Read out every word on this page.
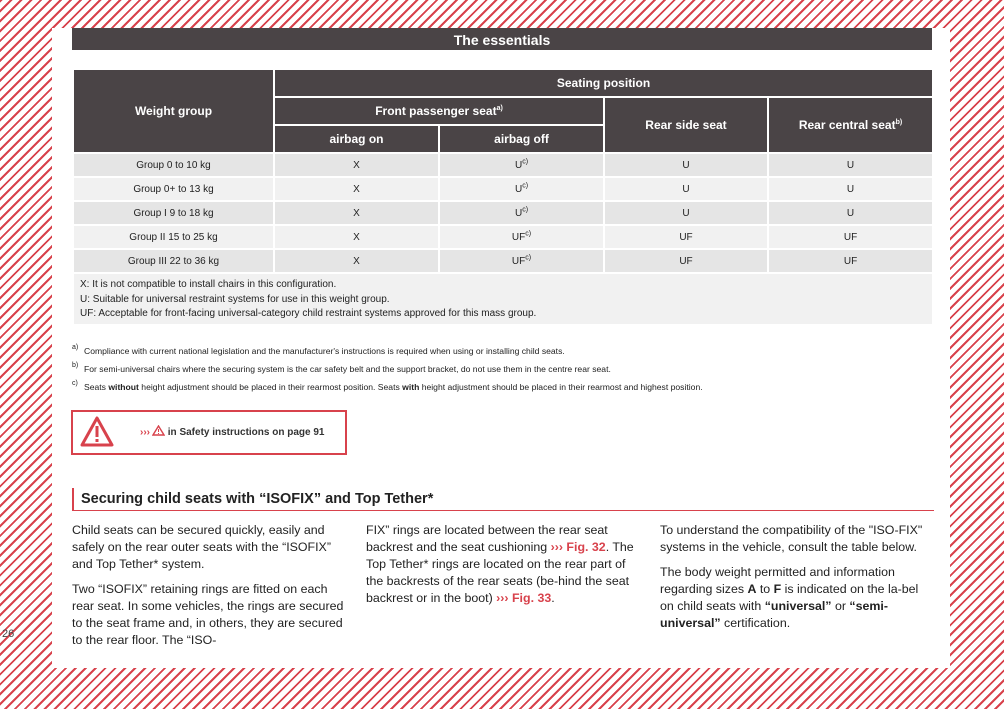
The essentials
Weight group	Seating position			
	Front passenger seat$^{a)}$		Rear side seat	Rear central seat$^{b)}$
	airbag on	airbag off		
Group 0 to 10 kg	X	$U^{c)}$	U	U
Group 0+ to 13 kg	X	$U^{c)}$	U	U
Group I 9 to 18 kg	X	$U^{c)}$	U	U
Group II 15 to 25 kg	X	UF$^{c)}$	UF	UF
Group III 22 to 36 kg	X	UF$^{c)}$	UF	UF

X: It is not compatible to install chairs in this configuration.
U: Suitable for universal restraint systems for use in this weight group.
UF: Acceptable for front-facing universal-category child restraint systems approved for this mass group.				
a) Compliance with current national legislation and the manufacturer's instructions is required when using or installing child seats.
b) For semi-universal chairs where the securing system is the car safety belt and the support bracket, do not use them in the centre rear seat.
c) Seats without height adjustment should be placed in their rearmost position. Seats with height adjustment should be placed in their rearmost and highest position.
››› in Safety instructions on page 91
Securing child seats with “ISOFIX” and Top Tether*

Child seats can be secured quickly, easily and safely on the rear outer seats with the “ISOFIX” and Top Tether* system.

Two “ISOFIX” retaining rings are fitted on each rear seat. In some vehicles, the rings are secured to the seat frame and, in others, they are secured to the rear floor. The “ISO-

FIX” rings are located between the rear seat backrest and the seat cushioning ››› Fig. 32. The Top Tether* rings are located on the rear part of the backrests of the rear seats (be-hind the seat backrest or in the boot) ››› Fig. 33.

To understand the compatibility of the "ISO-FIX" systems in the vehicle, consult the table below.

The body weight permitted and information regarding sizes A to F is indicated on the la-bel on child seats with “universal” or “semi-universal” certification.

26
